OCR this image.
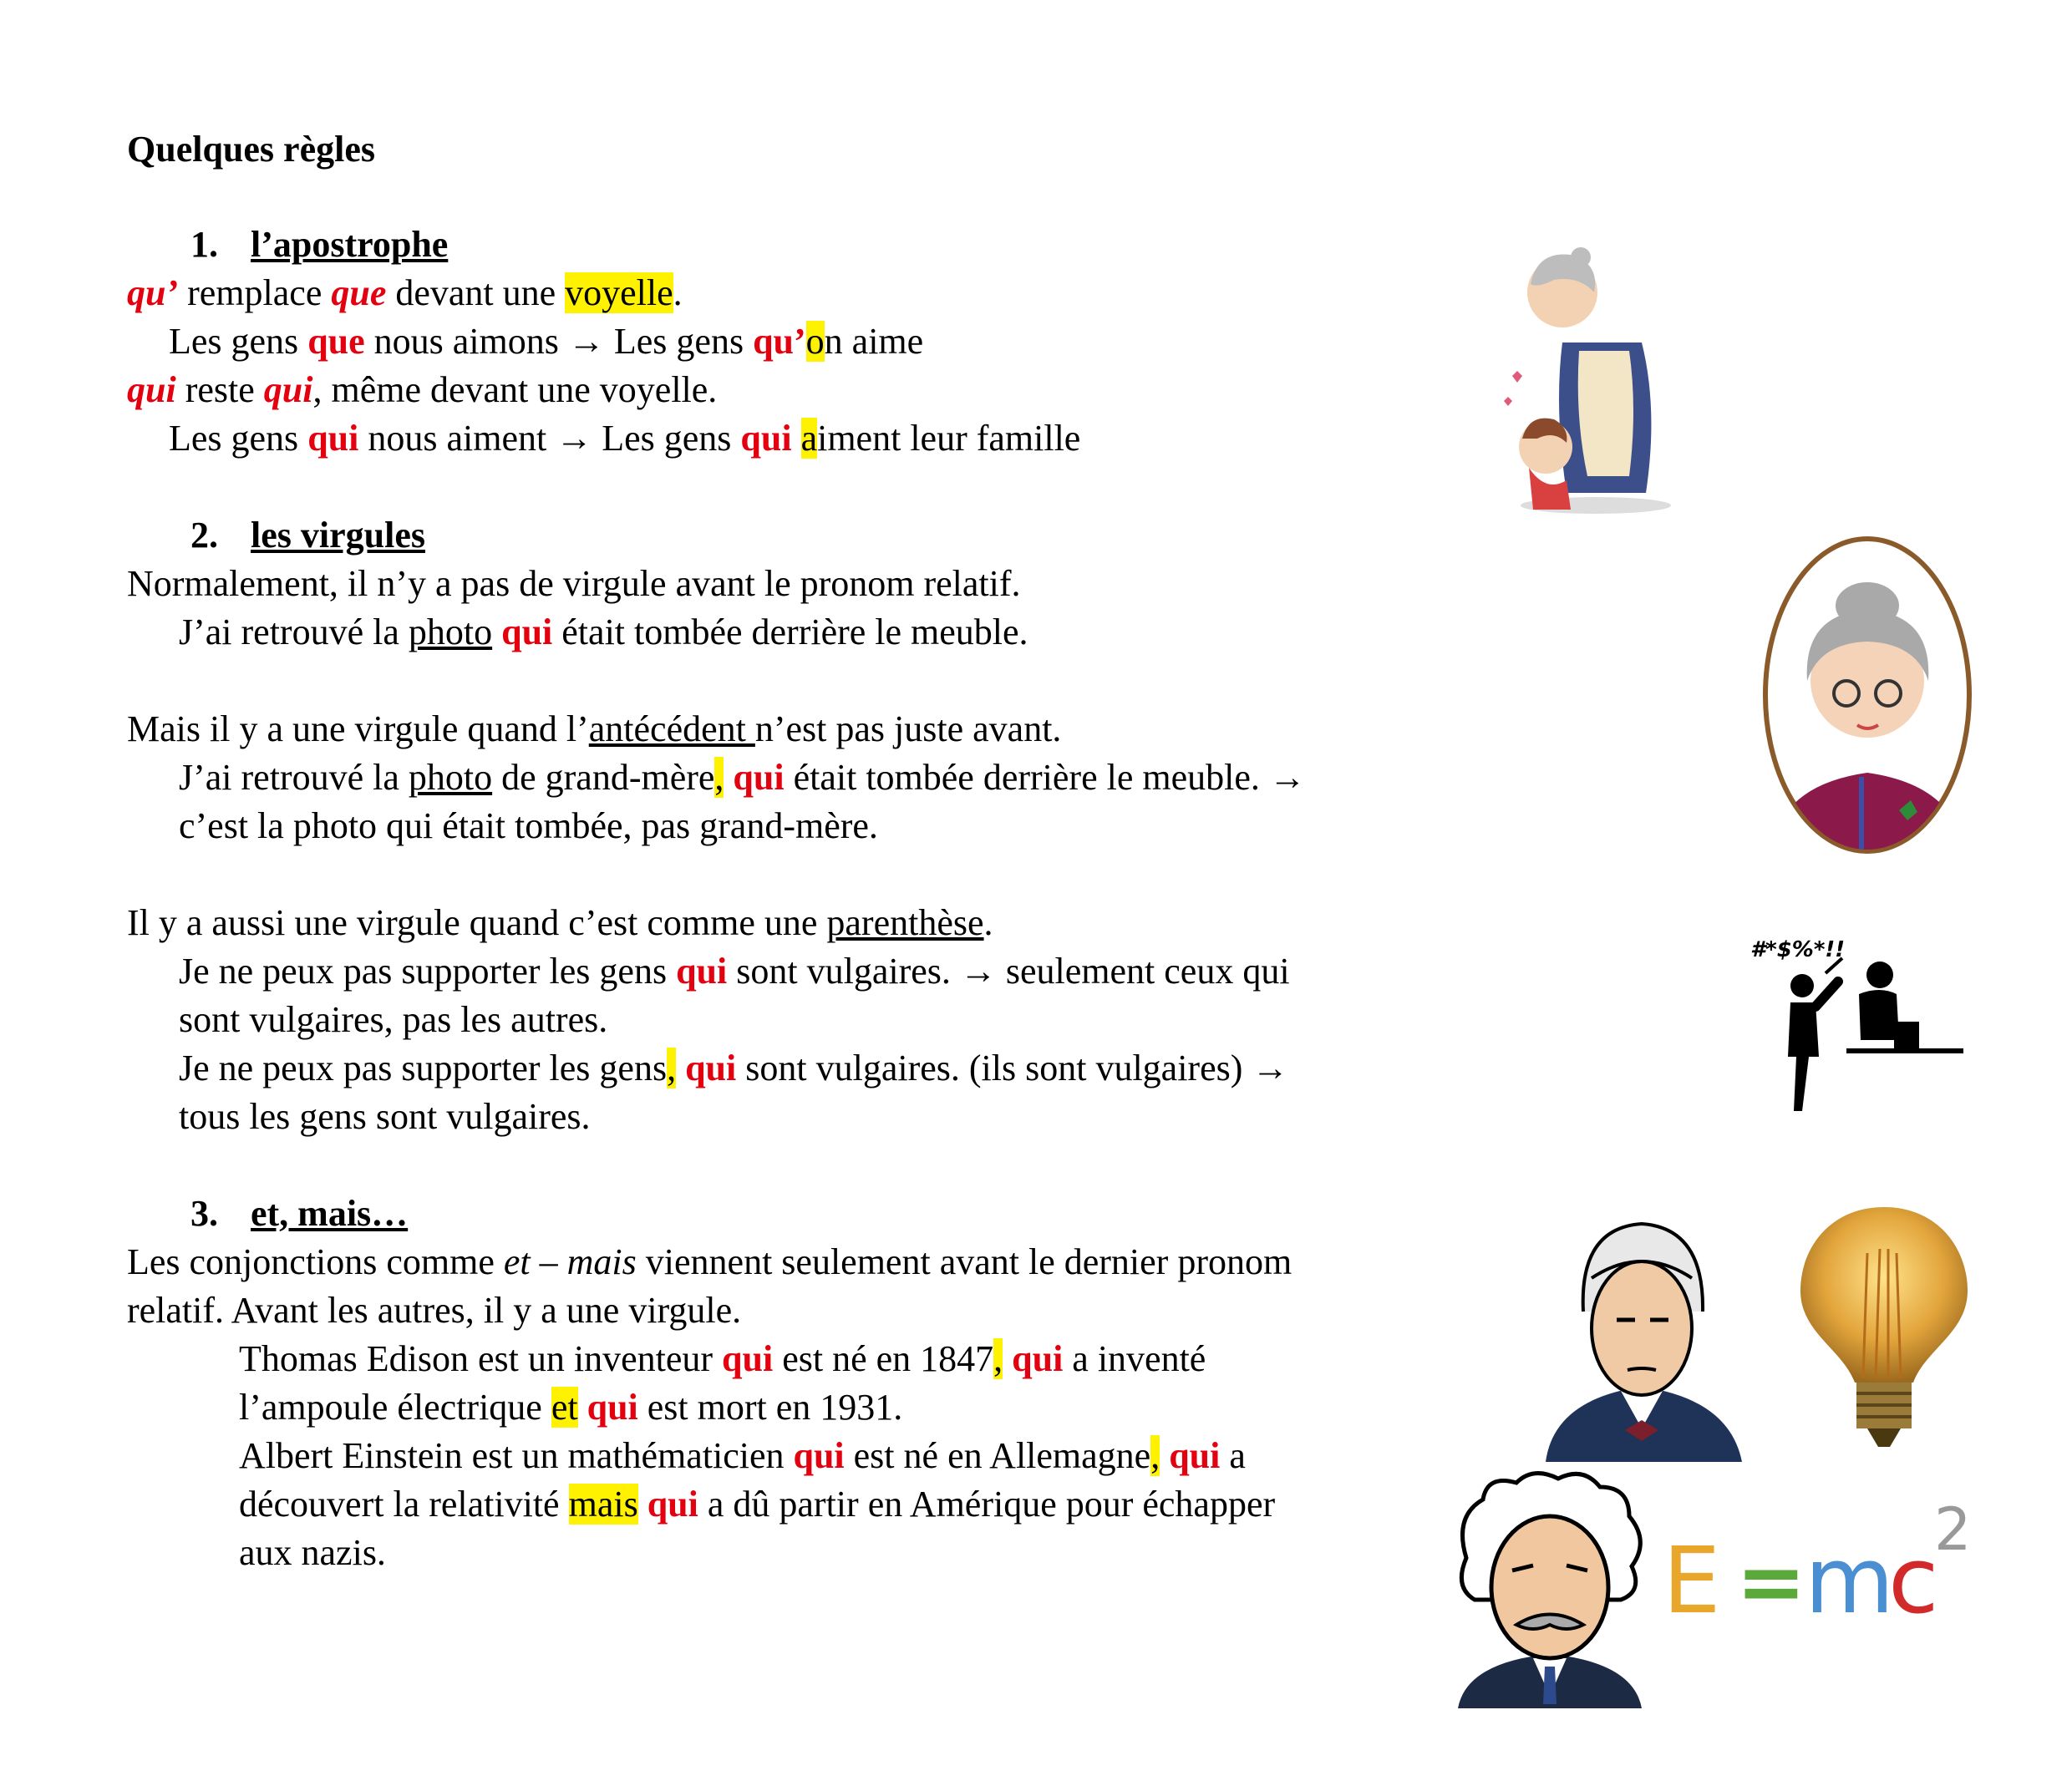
Quelques règles
1. l’apostrophe
qu’ remplace que devant une voyelle.
Les gens que nous aimons → Les gens qu’on aime
qui reste qui, même devant une voyelle.
Les gens qui nous aiment → Les gens qui aiment leur famille
2. les virgules
Normalement, il n’y a pas de virgule avant le pronom relatif.
J’ai retrouvé la photo qui était tombée derrière le meuble.
Mais il y a une virgule quand l’antécédent n’est pas juste avant.
J’ai retrouvé la photo de grand-mère, qui était tombée derrière le meuble. →
c’est la photo qui était tombée, pas grand-mère.
Il y a aussi une virgule quand c’est comme une parenthèse.
Je ne peux pas supporter les gens qui sont vulgaires. → seulement ceux qui
sont vulgaires, pas les autres.
Je ne peux pas supporter les gens, qui sont vulgaires. (ils sont vulgaires) →
tous les gens sont vulgaires.
3. et, mais…
Les conjonctions comme et – mais viennent seulement avant le dernier pronom
relatif. Avant les autres, il y a une virgule.
Thomas Edison est un inventeur qui est né en 1847, qui a inventé
l’ampoule électrique et qui est mort en 1931.
Albert Einstein est un mathématicien qui est né en Allemagne, qui a
découvert la relativité mais qui a dû partir en Amérique pour échapper
aux nazis.
#*$%*!!
E =
m
c
2
